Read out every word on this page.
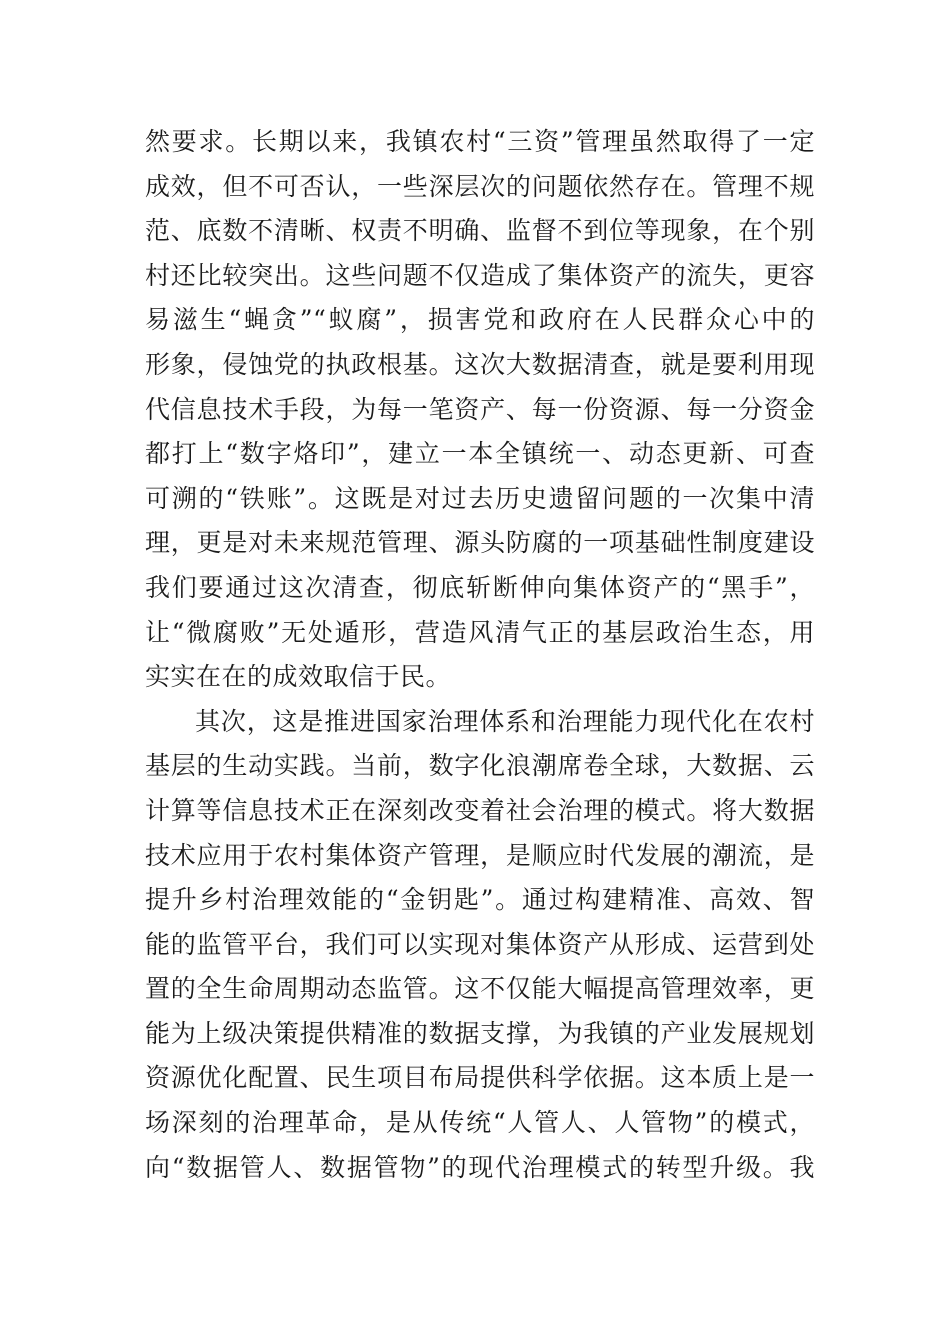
然要求。长期以来，我镇农村“三资”管理虽然取得了一定
成效，但不可否认，一些深层次的问题依然存在。管理不规
范、底数不清晰、权责不明确、监督不到位等现象，在个别
村还比较突出。这些问题不仅造成了集体资产的流失，更容
易滋生“蝇贪”“蚁腐”，损害党和政府在人民群众心中的
形象，侵蚀党的执政根基。这次大数据清查，就是要利用现
代信息技术手段，为每一笔资产、每一份资源、每一分资金
都打上“数字烙印”，建立一本全镇统一、动态更新、可查
可溯的“铁账”。这既是对过去历史遗留问题的一次集中清
理，更是对未来规范管理、源头防腐的一项基础性制度建设
我们要通过这次清查，彻底斩断伸向集体资产的“黑手”，
让“微腐败”无处遁形，营造风清气正的基层政治生态，用
实实在在的成效取信于民。
其次，这是推进国家治理体系和治理能力现代化在农村
基层的生动实践。当前，数字化浪潮席卷全球，大数据、云
计算等信息技术正在深刻改变着社会治理的模式。将大数据
技术应用于农村集体资产管理，是顺应时代发展的潮流，是
提升乡村治理效能的“金钥匙”。通过构建精准、高效、智
能的监管平台，我们可以实现对集体资产从形成、运营到处
置的全生命周期动态监管。这不仅能大幅提高管理效率，更
能为上级决策提供精准的数据支撑，为我镇的产业发展规划
资源优化配置、民生项目布局提供科学依据。这本质上是一
场深刻的治理革命，是从传统“人管人、人管物”的模式，
向“数据管人、数据管物”的现代治理模式的转型升级。我
